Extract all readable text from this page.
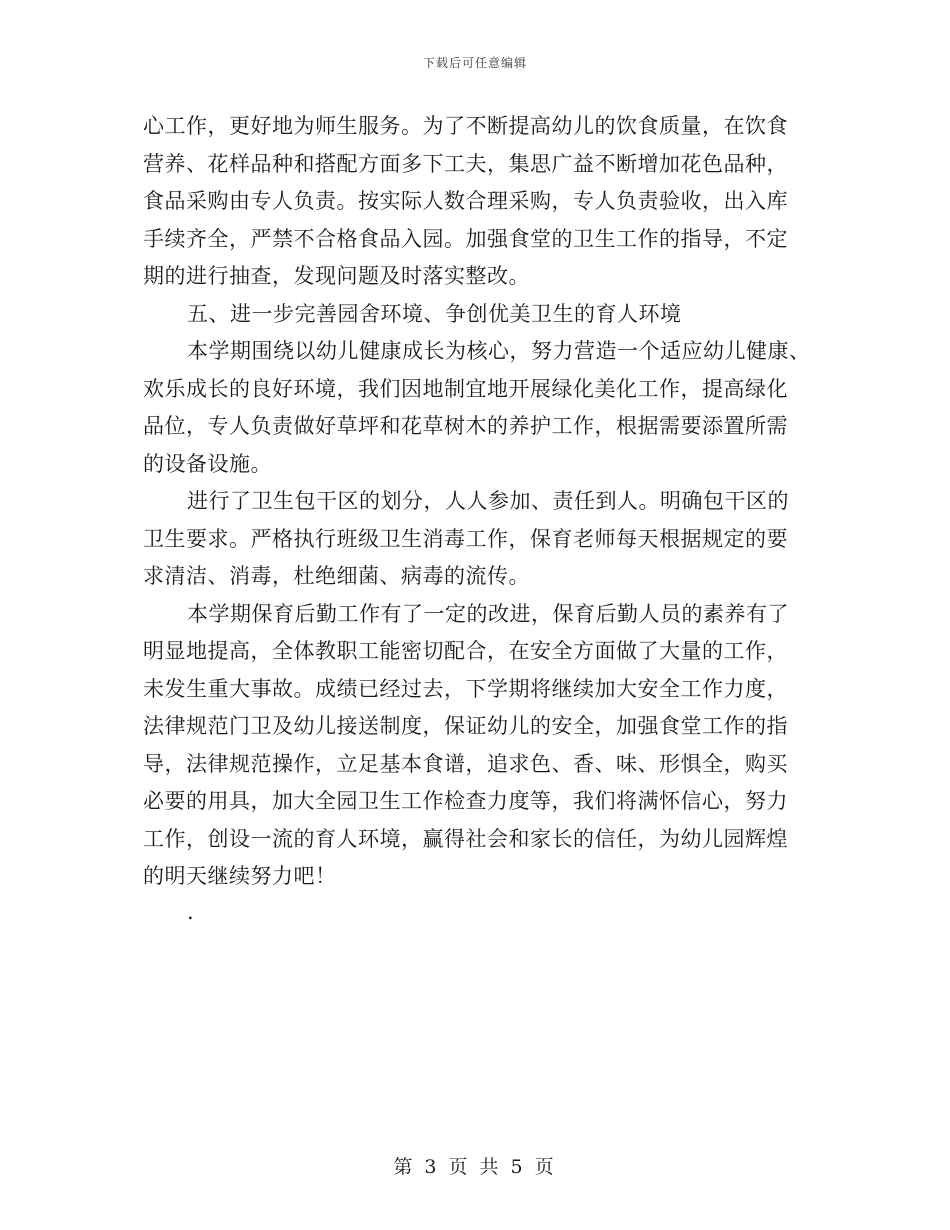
下载后可任意编辑
心工作，更好地为师生服务。为了不断提高幼儿的饮食质量，在饮食
营养、花样品种和搭配方面多下工夫，集思广益不断增加花色品种，
食品采购由专人负责。按实际人数合理采购，专人负责验收，出入库
手续齐全，严禁不合格食品入园。加强食堂的卫生工作的指导，不定
期的进行抽查，发现问题及时落实整改。
五、进一步完善园舍环境、争创优美卫生的育人环境
本学期围绕以幼儿健康成长为核心，努力营造一个适应幼儿健康、
欢乐成长的良好环境，我们因地制宜地开展绿化美化工作，提高绿化
品位，专人负责做好草坪和花草树木的养护工作，根据需要添置所需
的设备设施。
进行了卫生包干区的划分，人人参加、责任到人。明确包干区的
卫生要求。严格执行班级卫生消毒工作，保育老师每天根据规定的要
求清洁、消毒，杜绝细菌、病毒的流传。
本学期保育后勤工作有了一定的改进，保育后勤人员的素养有了
明显地提高，全体教职工能密切配合，在安全方面做了大量的工作，
未发生重大事故。成绩已经过去，下学期将继续加大安全工作力度，
法律规范门卫及幼儿接送制度，保证幼儿的安全，加强食堂工作的指
导，法律规范操作，立足基本食谱，追求色、香、味、形惧全，购买
必要的用具，加大全园卫生工作检查力度等，我们将满怀信心，努力
工作，创设一流的育人环境，赢得社会和家长的信任，为幼儿园辉煌
的明天继续努力吧！
.
第 3 页 共 5 页
